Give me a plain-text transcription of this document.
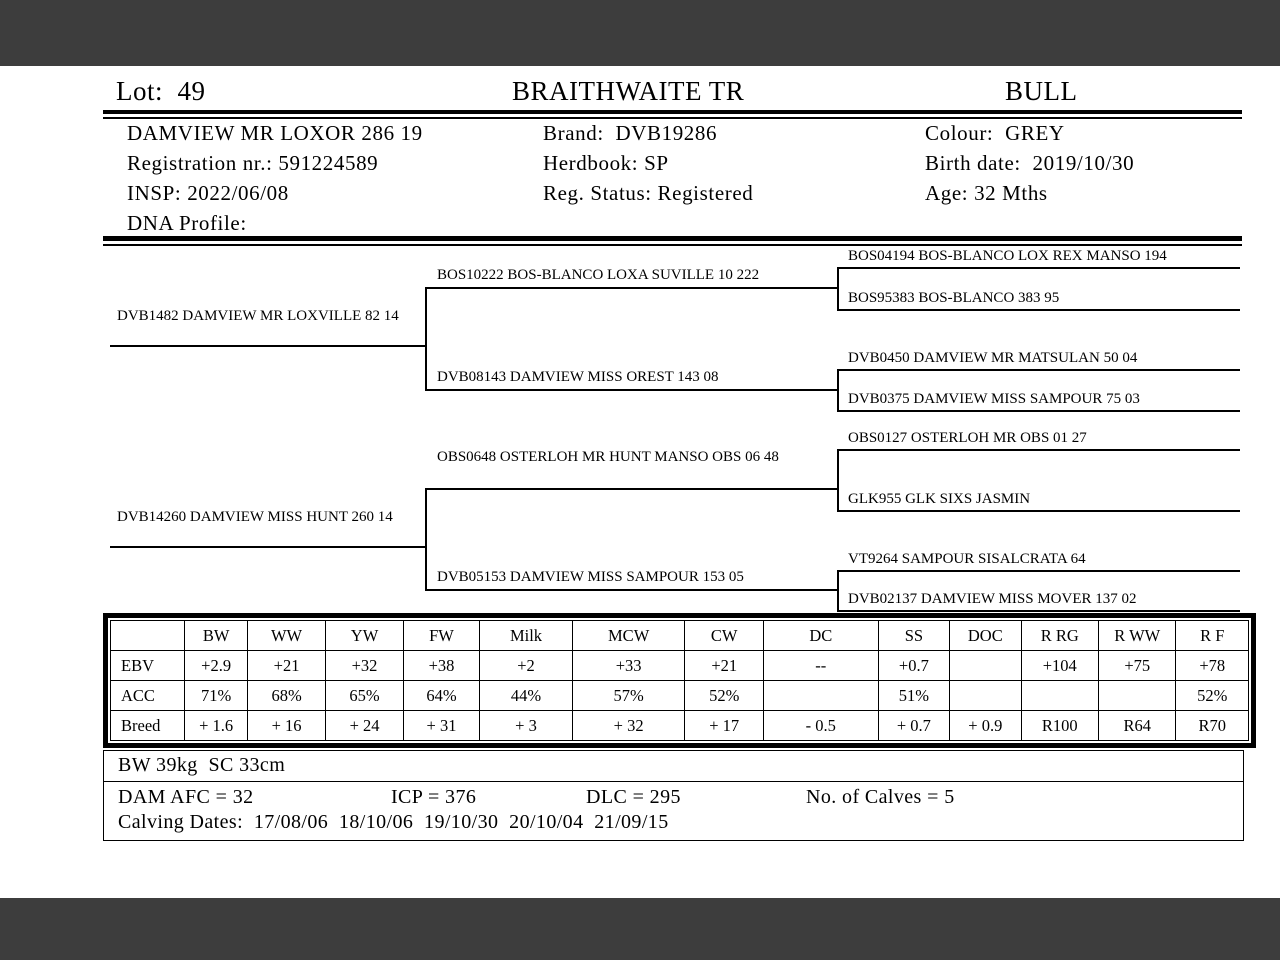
Lot:  49	BRAITHWAITE TR	BULL
DAMVIEW MR LOXOR 286 19
Registration nr.: 591224589
INSP: 2022/06/08
DNA Profile:
Brand:  DVB19286
Herdbook: SP
Reg. Status: Registered
Colour:  GREY
Birth date:  2019/10/30
Age: 32 Mths
DVB1482 DAMVIEW MR LOXVILLE 82 14
DVB14260 DAMVIEW MISS HUNT 260 14
BOS10222 BOS-BLANCO LOXA SUVILLE 10 222
DVB08143 DAMVIEW MISS OREST 143 08
OBS0648 OSTERLOH MR HUNT MANSO OBS 06 48
DVB05153 DAMVIEW MISS SAMPOUR 153 05
BOS04194 BOS-BLANCO LOX REX MANSO 194
BOS95383 BOS-BLANCO 383 95
DVB0450 DAMVIEW MR MATSULAN 50 04
DVB0375 DAMVIEW MISS SAMPOUR 75 03
OBS0127 OSTERLOH MR OBS 01 27
GLK955 GLK SIXS JASMIN
VT9264 SAMPOUR SISALCRATA 64
DVB02137 DAMVIEW MISS MOVER 137 02
	BW	WW	YW	FW	Milk	MCW	CW	DC	SS	DOC	R RG	R WW	R F
EBV	+2.9	+21	+32	+38	+2	+33	+21	--	+0.7		+104	+75	+78
ACC	71%	68%	65%	64%	44%	57%	52%		51%				52%
Breed	+ 1.6	+ 16	+ 24	+ 31	+ 3	+ 32	+ 17	- 0.5	+ 0.7	+ 0.9	R100	R64	R70
BW 39kg  SC 33cm
DAM AFC = 32	ICP = 376	DLC = 295	No. of Calves = 5
Calving Dates:  17/08/06  18/10/06  19/10/30  20/10/04  21/09/15
